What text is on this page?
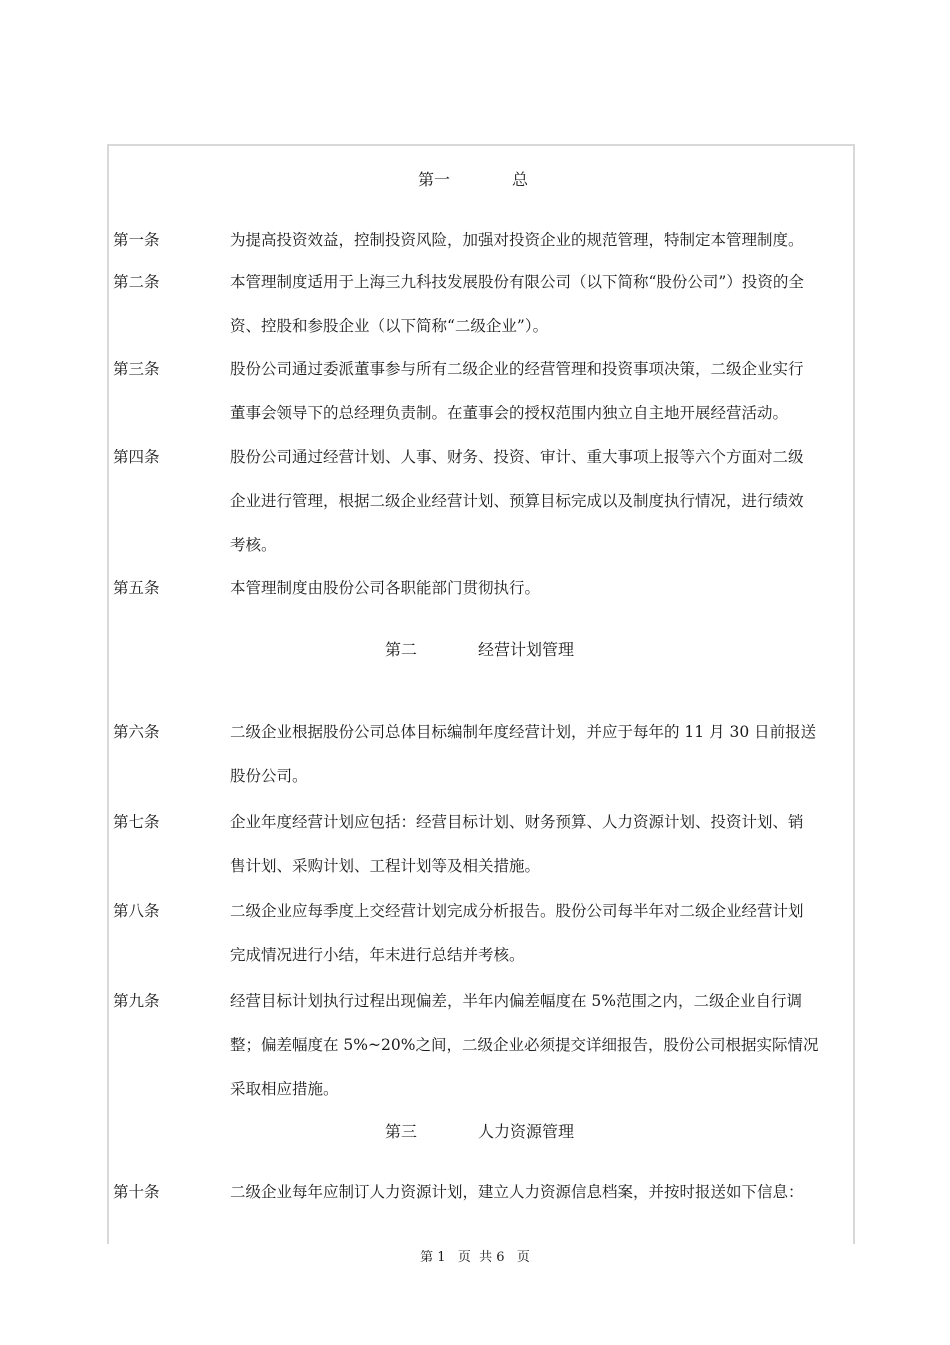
第一	总
第二	经营计划管理
第三	人力资源管理
第一条	为提高投资效益，控制投资风险，加强对投资企业的规范管理，特制定本管理制度。
第二条	本管理制度适用于上海三九科技发展股份有限公司（以下简称“股份公司”）投资的全
资、控股和参股企业（以下简称“二级企业”）。
第三条	股份公司通过委派董事参与所有二级企业的经营管理和投资事项决策，二级企业实行
董事会领导下的总经理负责制。在董事会的授权范围内独立自主地开展经营活动。
第四条	股份公司通过经营计划、人事、财务、投资、审计、重大事项上报等六个方面对二级
企业进行管理，根据二级企业经营计划、预算目标完成以及制度执行情况，进行绩效
考核。
第五条	本管理制度由股份公司各职能部门贯彻执行。
第六条	二级企业根据股份公司总体目标编制年度经营计划，并应于每年的 11 月 30 日前报送
股份公司。
第七条	企业年度经营计划应包括：经营目标计划、财务预算、人力资源计划、投资计划、销
售计划、采购计划、工程计划等及相关措施。
第八条	二级企业应每季度上交经营计划完成分析报告。股份公司每半年对二级企业经营计划
完成情况进行小结，年末进行总结并考核。
第九条	经营目标计划执行过程出现偏差，半年内偏差幅度在 5%范围之内，二级企业自行调
整；偏差幅度在 5%~20%之间，二级企业必须提交详细报告，股份公司根据实际情况
采取相应措施。
第十条	二级企业每年应制订人力资源计划，建立人力资源信息档案，并按时报送如下信息：
第 1   页  共 6   页
